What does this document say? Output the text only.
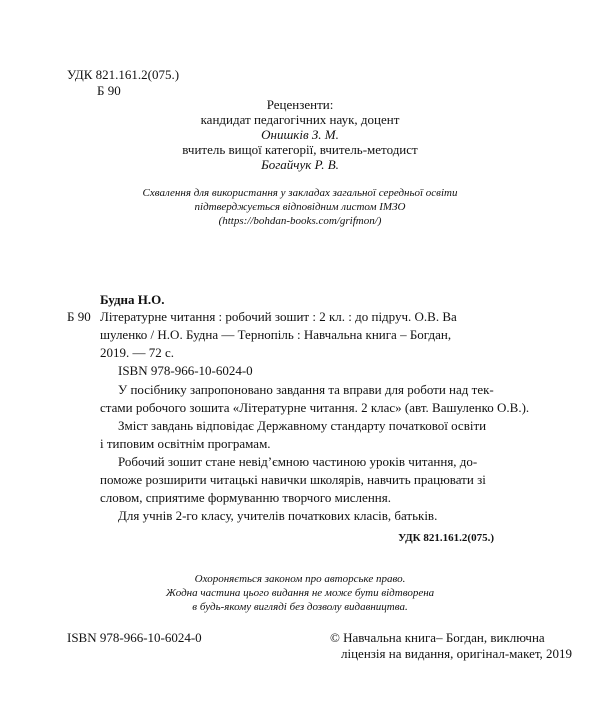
УДК 821.161.2(075.)
Б 90
Рецензенти:
кандидат педагогічних наук, доцент
Онишків З. М.
вчитель вищої категорії, вчитель-методист
Богайчук Р. В.
Схвалення для використання у закладах загальної середньої освіти
підтверджується відповідним листом ІМЗО
(https://bohdan-books.com/grifmon/)
Будна Н.О.
Б 90 Літературне читання : робочий зошит : 2 кл. : до підруч. О.В. Ва
шуленко / Н.О. Будна — Тернопіль : Навчальна книга – Богдан,
2019. — 72 с.
ISBN 978-966-10-6024-0
У посібнику запропоновано завдання та вправи для роботи над тек-
стами робочого зошита «Літературне читання. 2 клас» (авт. Вашуленко О.В.).
Зміст завдань відповідає Державному стандарту початкової освіти
і типовим освітнім програмам.
Робочий зошит стане невід’ємною частиною уроків читання, до-
поможе розширити читацькі навички школярів, навчить працювати зі
словом, сприятиме формуванню творчого мислення.
Для учнів 2-го класу, учителів початкових класів, батьків.
УДК 821.161.2(075.)
Охороняється законом про авторське право.
Жодна частина цього видання не може бути відтворена
в будь-якому вигляді без дозволу видавництва.
ISBN 978-966-10-6024-0	© Навчальна книга– Богдан, виключна
ліцензія на видання, оригінал-макет, 2019
